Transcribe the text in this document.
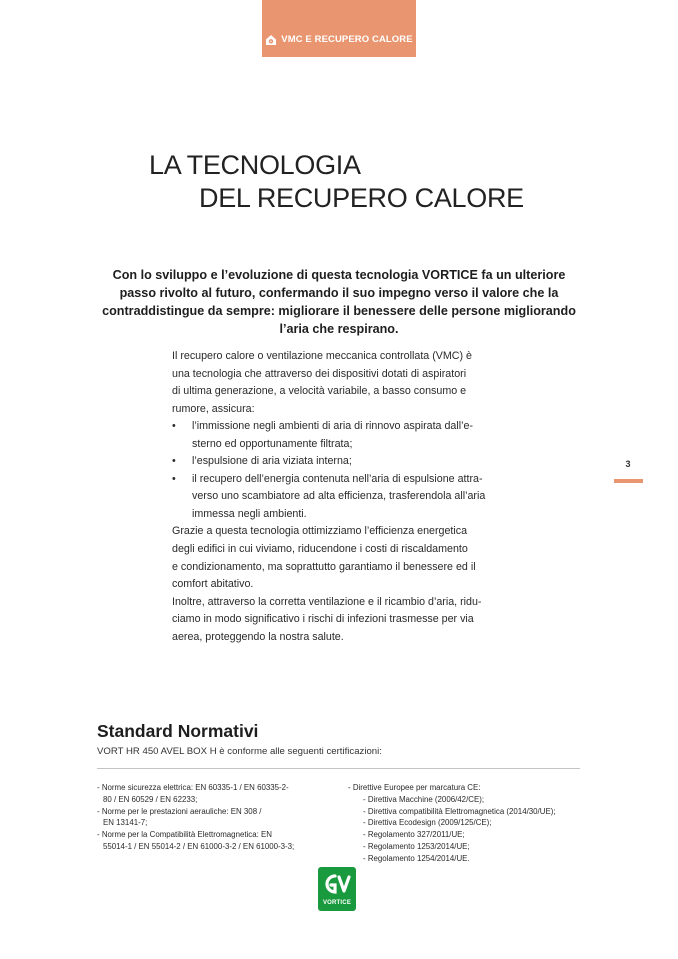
VMC E RECUPERO CALORE
LA TECNOLOGIA
DEL RECUPERO CALORE
Con lo sviluppo e l’evoluzione di questa tecnologia VORTICE fa un ulteriore
passo rivolto al futuro, confermando il suo impegno verso il valore che la
contraddistingue da sempre: migliorare il benessere delle persone migliorando
l’aria che respirano.
Il recupero calore o ventilazione meccanica controllata (VMC) è
una tecnologia che attraverso dei dispositivi dotati di aspiratori
di ultima generazione, a velocità variabile, a basso consumo e
rumore, assicura:
• l’immissione negli ambienti di aria di rinnovo aspirata dall’e-
sterno ed opportunamente filtrata;
• l’espulsione di aria viziata interna;
• il recupero dell’energia contenuta nell’aria di espulsione attra-
verso uno scambiatore ad alta efficienza, trasferendola all’aria
immessa negli ambienti.
Grazie a questa tecnologia ottimizziamo l’efficienza energetica
degli edifici in cui viviamo, riducendone i costi di riscaldamento
e condizionamento, ma soprattutto garantiamo il benessere ed il
comfort abitativo.
Inoltre, attraverso la corretta ventilazione e il ricambio d’aria, ridu-
ciamo in modo significativo i rischi di infezioni trasmesse per via
aerea, proteggendo la nostra salute.
3
Standard Normativi
VORT HR 450 AVEL BOX H è conforme alle seguenti certificazioni:
- Norme sicurezza elettrica: EN 60335-1 / EN 60335-2-
80 / EN 60529 / EN 62233;
- Norme per le prestazioni aerauliche: EN 308 /
EN 13141-7;
- Norme per la Compatibilità Elettromagnetica: EN
55014-1 / EN 55014-2 / EN 61000-3-2 / EN 61000-3-3;
- Direttive Europee per marcatura CE:
- Direttiva Macchine (2006/42/CE);
- Direttiva compatibilità Elettromagnetica (2014/30/UE);
- Direttiva Ecodesign (2009/125/CE);
- Regolamento 327/2011/UE;
- Regolamento 1253/2014/UE;
- Regolamento 1254/2014/UE.
VORTICE
